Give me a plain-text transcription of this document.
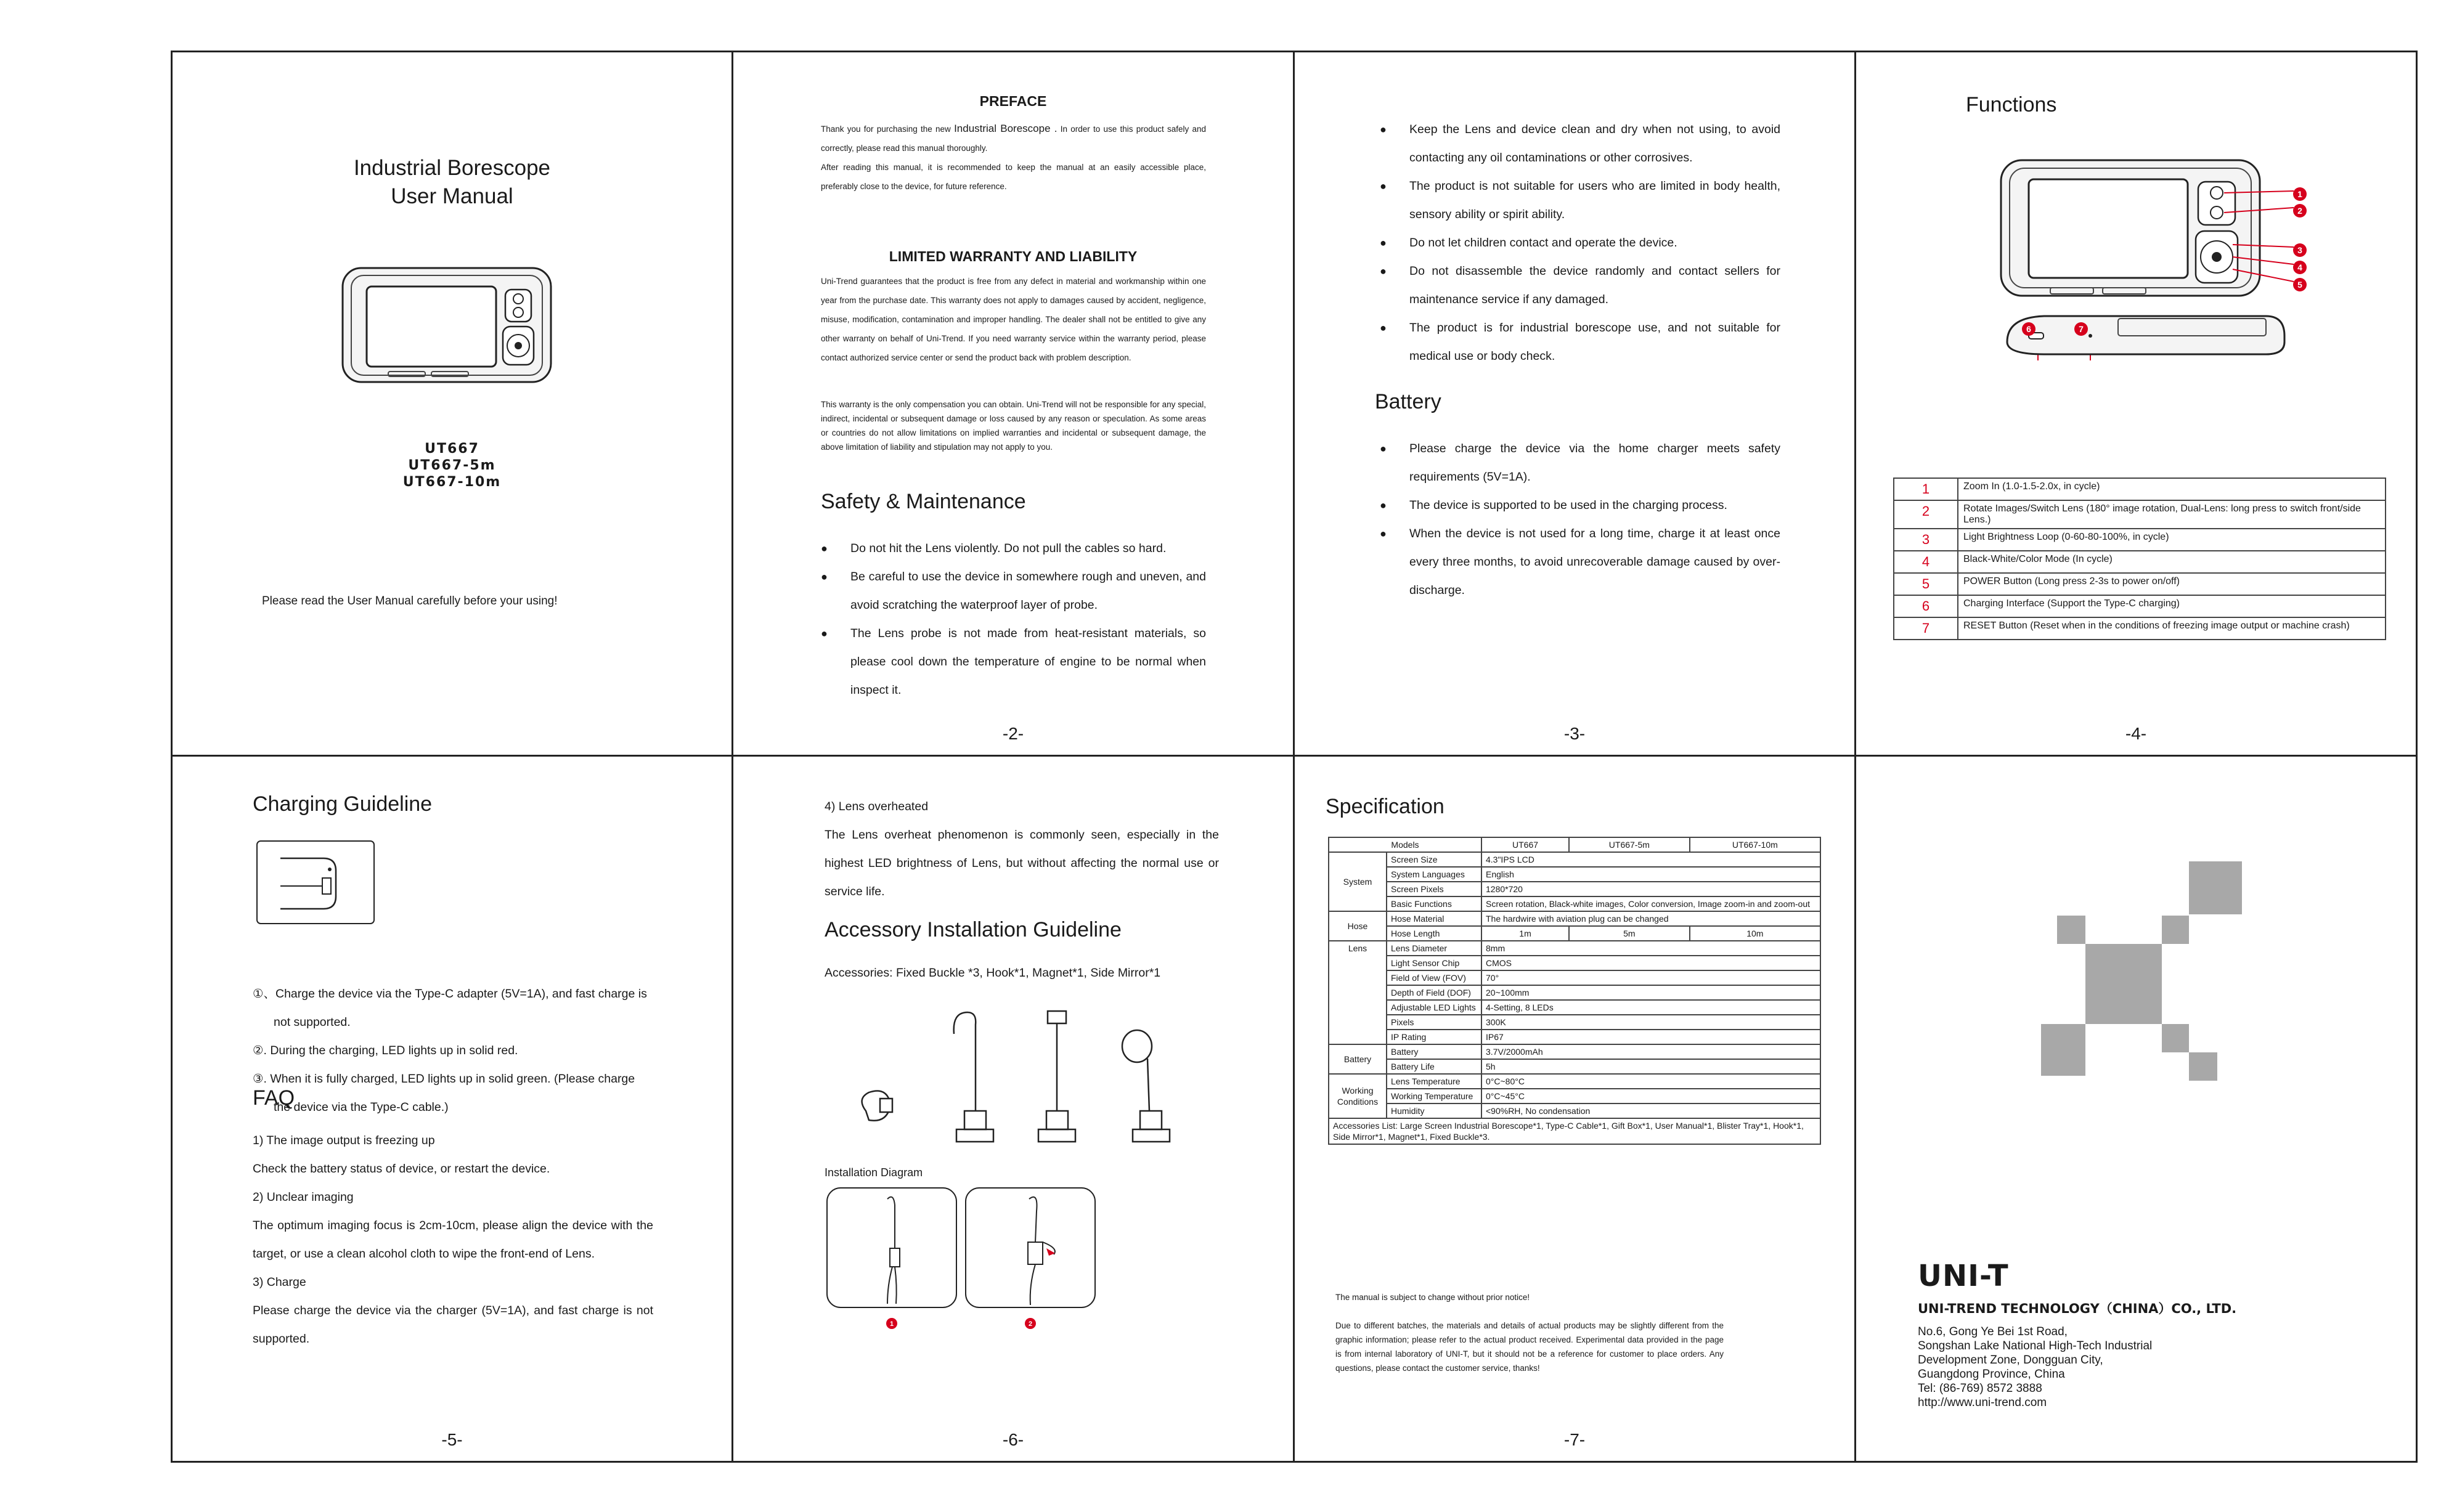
Industrial Borescope
User Manual
UT667
UT667-5m
UT667-10m
Please read the User Manual carefully before your using!
PREFACE
Thank you for purchasing the new Industrial Borescope . In order to use this product safely and correctly, please read this manual thoroughly.
After reading this manual, it is recommended to keep the manual at an easily accessible place, preferably close to the device, for future reference.
LIMITED WARRANTY AND LIABILITY
Uni-Trend guarantees that the product is free from any defect in material and workmanship within one year from the purchase date. This warranty does not apply to damages caused by accident, negligence, misuse, modification, contamination and improper handling. The dealer shall not be entitled to give any other warranty on behalf of Uni-Trend. If you need warranty service within the warranty period, please contact authorized service center or send the product back with problem description.
This warranty is the only compensation you can obtain. Uni-Trend will not be responsible for any special, indirect, incidental or subsequent damage or loss caused by any reason or speculation. As some areas or countries do not allow limitations on implied warranties and incidental or subsequent damage, the above limitation of liability and stipulation may not apply to you.
Safety & Maintenance
● Do not hit the Lens violently. Do not pull the cables so hard.
● Be careful to use the device in somewhere rough and uneven, and avoid scratching the waterproof layer of probe.
● The Lens probe is not made from heat-resistant materials, so please cool down the temperature of engine to be normal when inspect it.
-2-
● Keep the Lens and device clean and dry when not using, to avoid contacting any oil contaminations or other corrosives.
● The product is not suitable for users who are limited in body health, sensory ability or spirit ability.
● Do not let children contact and operate the device.
● Do not disassemble the device randomly and contact sellers for maintenance service if any damaged.
● The product is for industrial borescope use, and not suitable for medical use or body check.
Battery
● Please charge the device via the home charger meets safety requirements (5V=1A).
● The device is supported to be used in the charging process.
● When the device is not used for a long time, charge it at least once every three months, to avoid unrecoverable damage caused by over-discharge.
-3-
Functions
1
2
3
4
5
6	7
1	Zoom In (1.0-1.5-2.0x, in cycle)
2	Rotate Images/Switch Lens (180° image rotation, Dual-Lens: long press to switch front/side Lens.)
3	Light Brightness Loop (0-60-80-100%, in cycle)
4	Black-White/Color Mode (In cycle)
5	POWER Button (Long press 2-3s to power on/off)
6	Charging Interface (Support the Type-C charging)
7	RESET Button (Reset when in the conditions of freezing image output or machine crash)
-4-
Charging Guideline
①、Charge the device via the Type-C adapter (5V=1A), and fast charge is not supported.
②. During the charging, LED lights up in solid red.
③. When it is fully charged, LED lights up in solid green. (Please charge the device via the Type-C cable.)
FAQ
1) The image output is freezing up
Check the battery status of device, or restart the device.
2) Unclear imaging
The optimum imaging focus is 2cm-10cm, please align the device with the target, or use a clean alcohol cloth to wipe the front-end of Lens.
3) Charge
Please charge the device via the charger (5V=1A), and fast charge is not supported.
-5-
4) Lens overheated
The Lens overheat phenomenon is commonly seen, especially in the highest LED brightness of Lens, but without affecting the normal use or service life.
Accessory Installation Guideline
Accessories: Fixed Buckle *3, Hook*1, Magnet*1, Side Mirror*1
Installation Diagram
1	2
-6-
Specification
Models		UT667	UT667-5m	UT667-10m
System	Screen Size	4.3"IPS LCD		
	System Languages	English		
	Screen Pixels	1280*720		
	Basic Functions	Screen rotation, Black-white images, Color conversion, Image zoom-in and zoom-out		
Hose	Hose Material	The hardwire with aviation plug can be changed		
	Hose Length	1m	5m	10m
Lens	Lens Diameter	8mm		
	Light Sensor Chip	CMOS		
	Field of View (FOV)	70°		
	Depth of Field (DOF)	20~100mm		
	Adjustable LED Lights	4-Setting, 8 LEDs		
	Pixels	300K		
	IP Rating	IP67		
Battery	Battery	3.7V/2000mAh		
	Battery Life	5h		
Working Conditions	Lens Temperature	0°C~80°C		
	Working Temperature	0°C~45°C		
	Humidity	<90%RH, No condensation		
Accessories List: Large Screen Industrial Borescope*1, Type-C Cable*1, Gift Box*1, User Manual*1, Blister Tray*1, Hook*1, Side Mirror*1, Magnet*1, Fixed Buckle*3.				
The manual is subject to change without prior notice!
Due to different batches, the materials and details of actual products may be slightly different from the graphic information; please refer to the actual product received. Experimental data provided in the page is from internal laboratory of UNI-T, but it should not be a reference for customer to place orders. Any questions, please contact the customer service, thanks!
-7-
UNI-T
UNI-TREND TECHNOLOGY（CHINA）CO., LTD.
No.6, Gong Ye Bei 1st Road,
Songshan Lake National High-Tech Industrial
Development Zone, Dongguan City,
Guangdong Province, China
Tel: (86-769) 8572 3888
http://www.uni-trend.com
